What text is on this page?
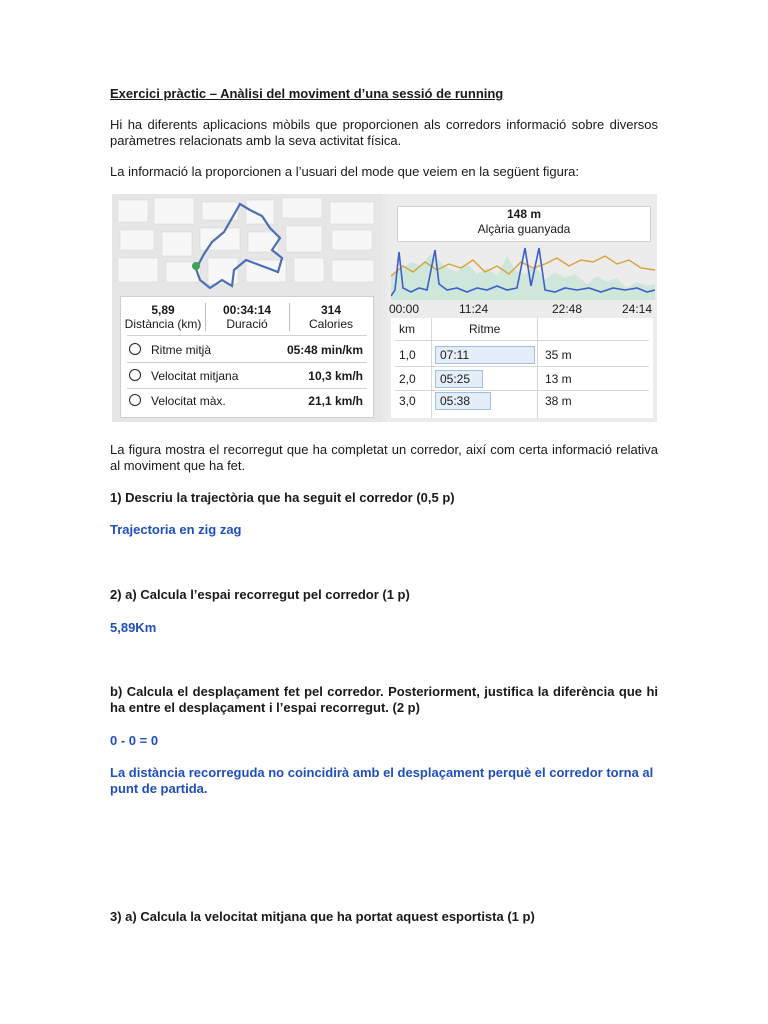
Exercici pràctic – Anàlisi del moviment d’una sessió de running

Hi ha diferents aplicacions mòbils que proporcionen als corredors informació sobre diversos paràmetres relacionats amb la seva activitat física.

La informació la proporcionen a l’usuari del mode que veiem en la següent figura:

5,89
Distància (km)
00:34:14
Duració
314
Calories
Ritme mitjà	05:48 min/km
Velocitat mitjana	10,3 km/h
Velocitat màx.	21,1 km/h
148 m
Alçària guanyada
00:00	11:24	22:48	24:14
km	Ritme
1,0	07:11	35 m
2,0	05:25	13 m
3,0	05:38	38 m

La figura mostra el recorregut que ha completat un corredor, així com certa informació relativa al moviment que ha fet.

1) Descriu la trajectòria que ha seguit el corredor (0,5 p)

Trajectoria en zig zag

2) a) Calcula l’espai recorregut pel corredor (1 p)

5,89Km

b) Calcula el desplaçament fet pel corredor. Posteriorment, justifica la diferència que hi ha entre el desplaçament i l’espai recorregut. (2 p)

0 - 0 = 0

La distància recorreguda no coincidirà amb el desplaçament perquè el corredor torna al punt de partida.

3) a) Calcula la velocitat mitjana que ha portat aquest esportista (1 p)
